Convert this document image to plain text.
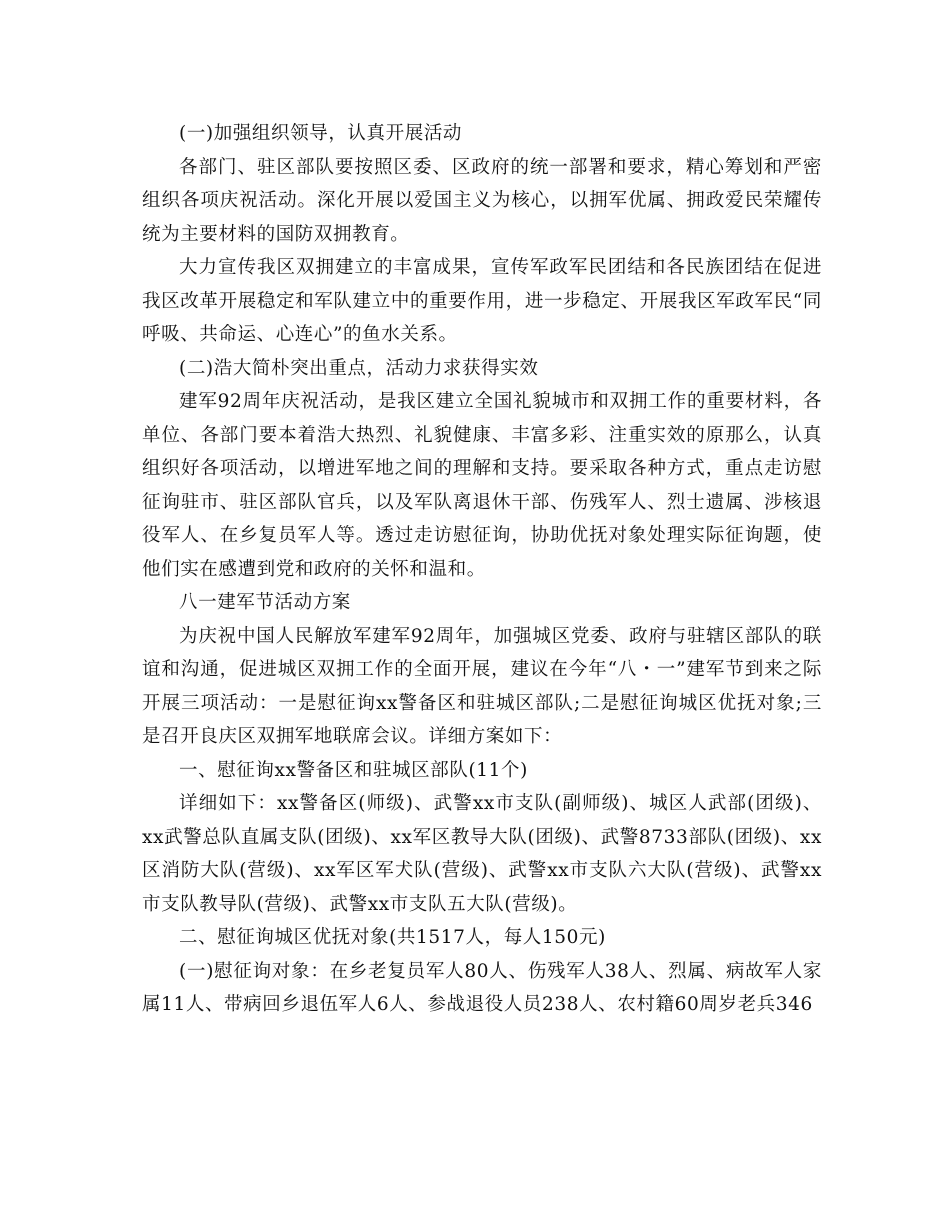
(一)加强组织领导，认真开展活动

各部门、驻区部队要按照区委、区政府的统一部署和要求，精心筹划和严密组织各项庆祝活动。深化开展以爱国主义为核心，以拥军优属、拥政爱民荣耀传统为主要材料的国防双拥教育。

大力宣传我区双拥建立的丰富成果，宣传军政军民团结和各民族团结在促进我区改革开展稳定和军队建立中的重要作用，进一步稳定、开展我区军政军民“同呼吸、共命运、心连心”的鱼水关系。

(二)浩大简朴突出重点，活动力求获得实效

建军92周年庆祝活动，是我区建立全国礼貌城市和双拥工作的重要材料，各单位、各部门要本着浩大热烈、礼貌健康、丰富多彩、注重实效的原那么，认真组织好各项活动，以增进军地之间的理解和支持。要采取各种方式，重点走访慰征询驻市、驻区部队官兵，以及军队离退休干部、伤残军人、烈士遗属、涉核退役军人、在乡复员军人等。透过走访慰征询，协助优抚对象处理实际征询题，使他们实在感遭到党和政府的关怀和温和。

八一建军节活动方案

为庆祝中国人民解放军建军92周年，加强城区党委、政府与驻辖区部队的联谊和沟通，促进城区双拥工作的全面开展，建议在今年“八・一”建军节到来之际开展三项活动：一是慰征询xx警备区和驻城区部队;二是慰征询城区优抚对象;三是召开良庆区双拥军地联席会议。详细方案如下：

一、慰征询xx警备区和驻城区部队(11个)

详细如下：xx警备区(师级)、武警xx市支队(副师级)、城区人武部(团级)、xx武警总队直属支队(团级)、xx军区教导大队(团级)、武警8733部队(团级)、xx区消防大队(营级)、xx军区军犬队(营级)、武警xx市支队六大队(营级)、武警xx市支队教导队(营级)、武警xx市支队五大队(营级)。

二、慰征询城区优抚对象(共1517人，每人150元)

(一)慰征询对象：在乡老复员军人80人、伤残军人38人、烈属、病故军人家属11人、带病回乡退伍军人6人、参战退役人员238人、农村籍60周岁老兵346
